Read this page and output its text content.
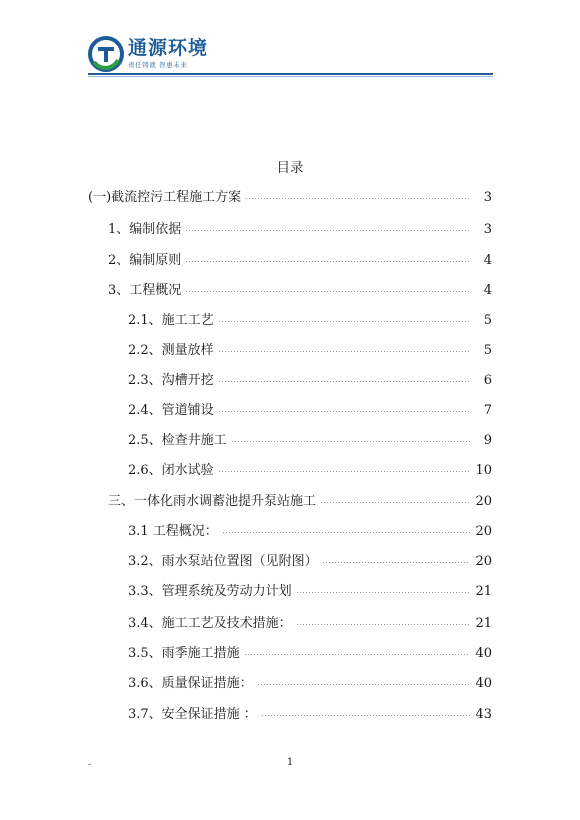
通源环境
责任铸就 智惠未来
目录
(一)截流控污工程施工方案	3
1、编制依据	3
2、编制原则	4
3、工程概况	4
2.1、施工工艺	5
2.2、测量放样	5
2.3、沟槽开挖	6
2.4、管道铺设	7
2.5、检查井施工	9
2.6、闭水试验	10
三、一体化雨水调蓄池提升泵站施工	20
3.1 工程概况：	20
3.2、雨水泵站位置图（见附图）	20
3.3、管理系统及劳动力计划	21
3.4、施工工艺及技术措施：	21
3.5、雨季施工措施	40
3.6、质量保证措施：	40
3.7、安全保证措施 ：	43
-	1
